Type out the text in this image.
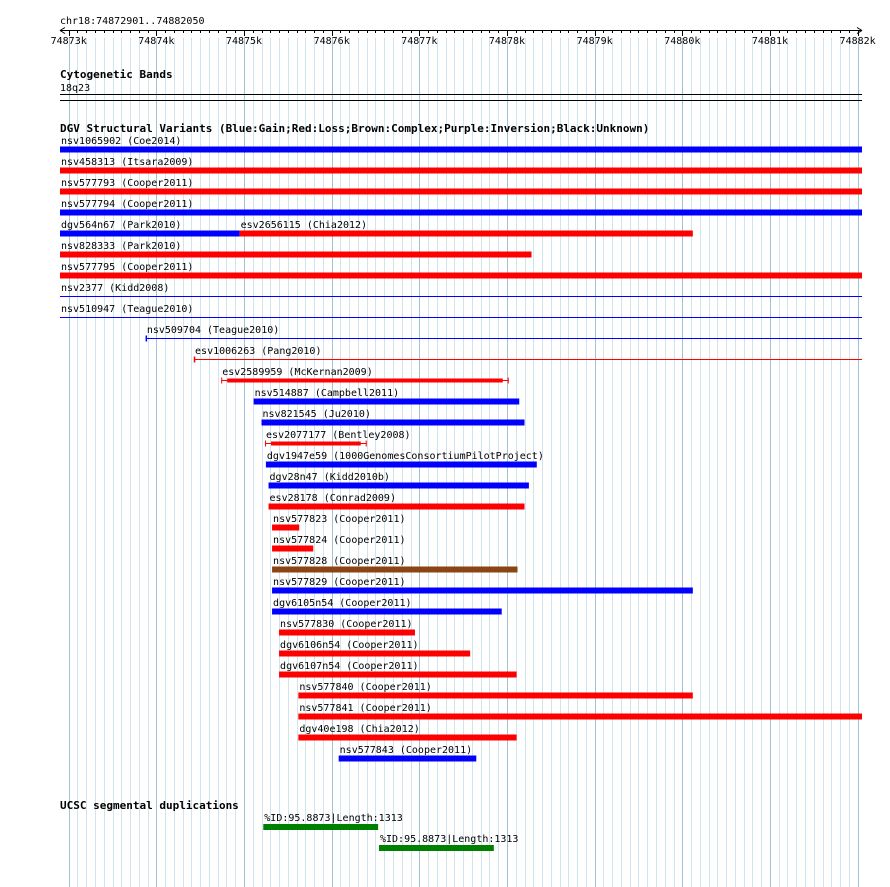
chr18:74872901..74882050
74873k	74874k	74875k	74876k	74877k	74878k	74879k	74880k	74881k	74882k
Cytogenetic Bands
18q23
DGV Structural Variants (Blue:Gain;Red:Loss;Brown:Complex;Purple:Inversion;Black:Unknown)
nsv1065902 (Coe2014)
nsv458313 (Itsara2009)
nsv577793 (Cooper2011)
nsv577794 (Cooper2011)
dgv564n67 (Park2010)	esv2656115 (Chia2012)
nsv828333 (Park2010)
nsv577795 (Cooper2011)
nsv2377 (Kidd2008)
nsv510947 (Teague2010)
nsv509704 (Teague2010)
esv1006263 (Pang2010)
esv2589959 (McKernan2009)
nsv514887 (Campbell2011)
nsv821545 (Ju2010)
esv2077177 (Bentley2008)
dgv1947e59 (1000GenomesConsortiumPilotProject)
dgv28n47 (Kidd2010b)
esv28178 (Conrad2009)
nsv577823 (Cooper2011)
nsv577824 (Cooper2011)
nsv577828 (Cooper2011)
nsv577829 (Cooper2011)
dgv6105n54 (Cooper2011)
nsv577830 (Cooper2011)
dgv6106n54 (Cooper2011)
dgv6107n54 (Cooper2011)
nsv577840 (Cooper2011)
nsv577841 (Cooper2011)
dgv40e198 (Chia2012)
nsv577843 (Cooper2011)
UCSC segmental duplications
%ID:95.8873|Length:1313
%ID:95.8873|Length:1313
